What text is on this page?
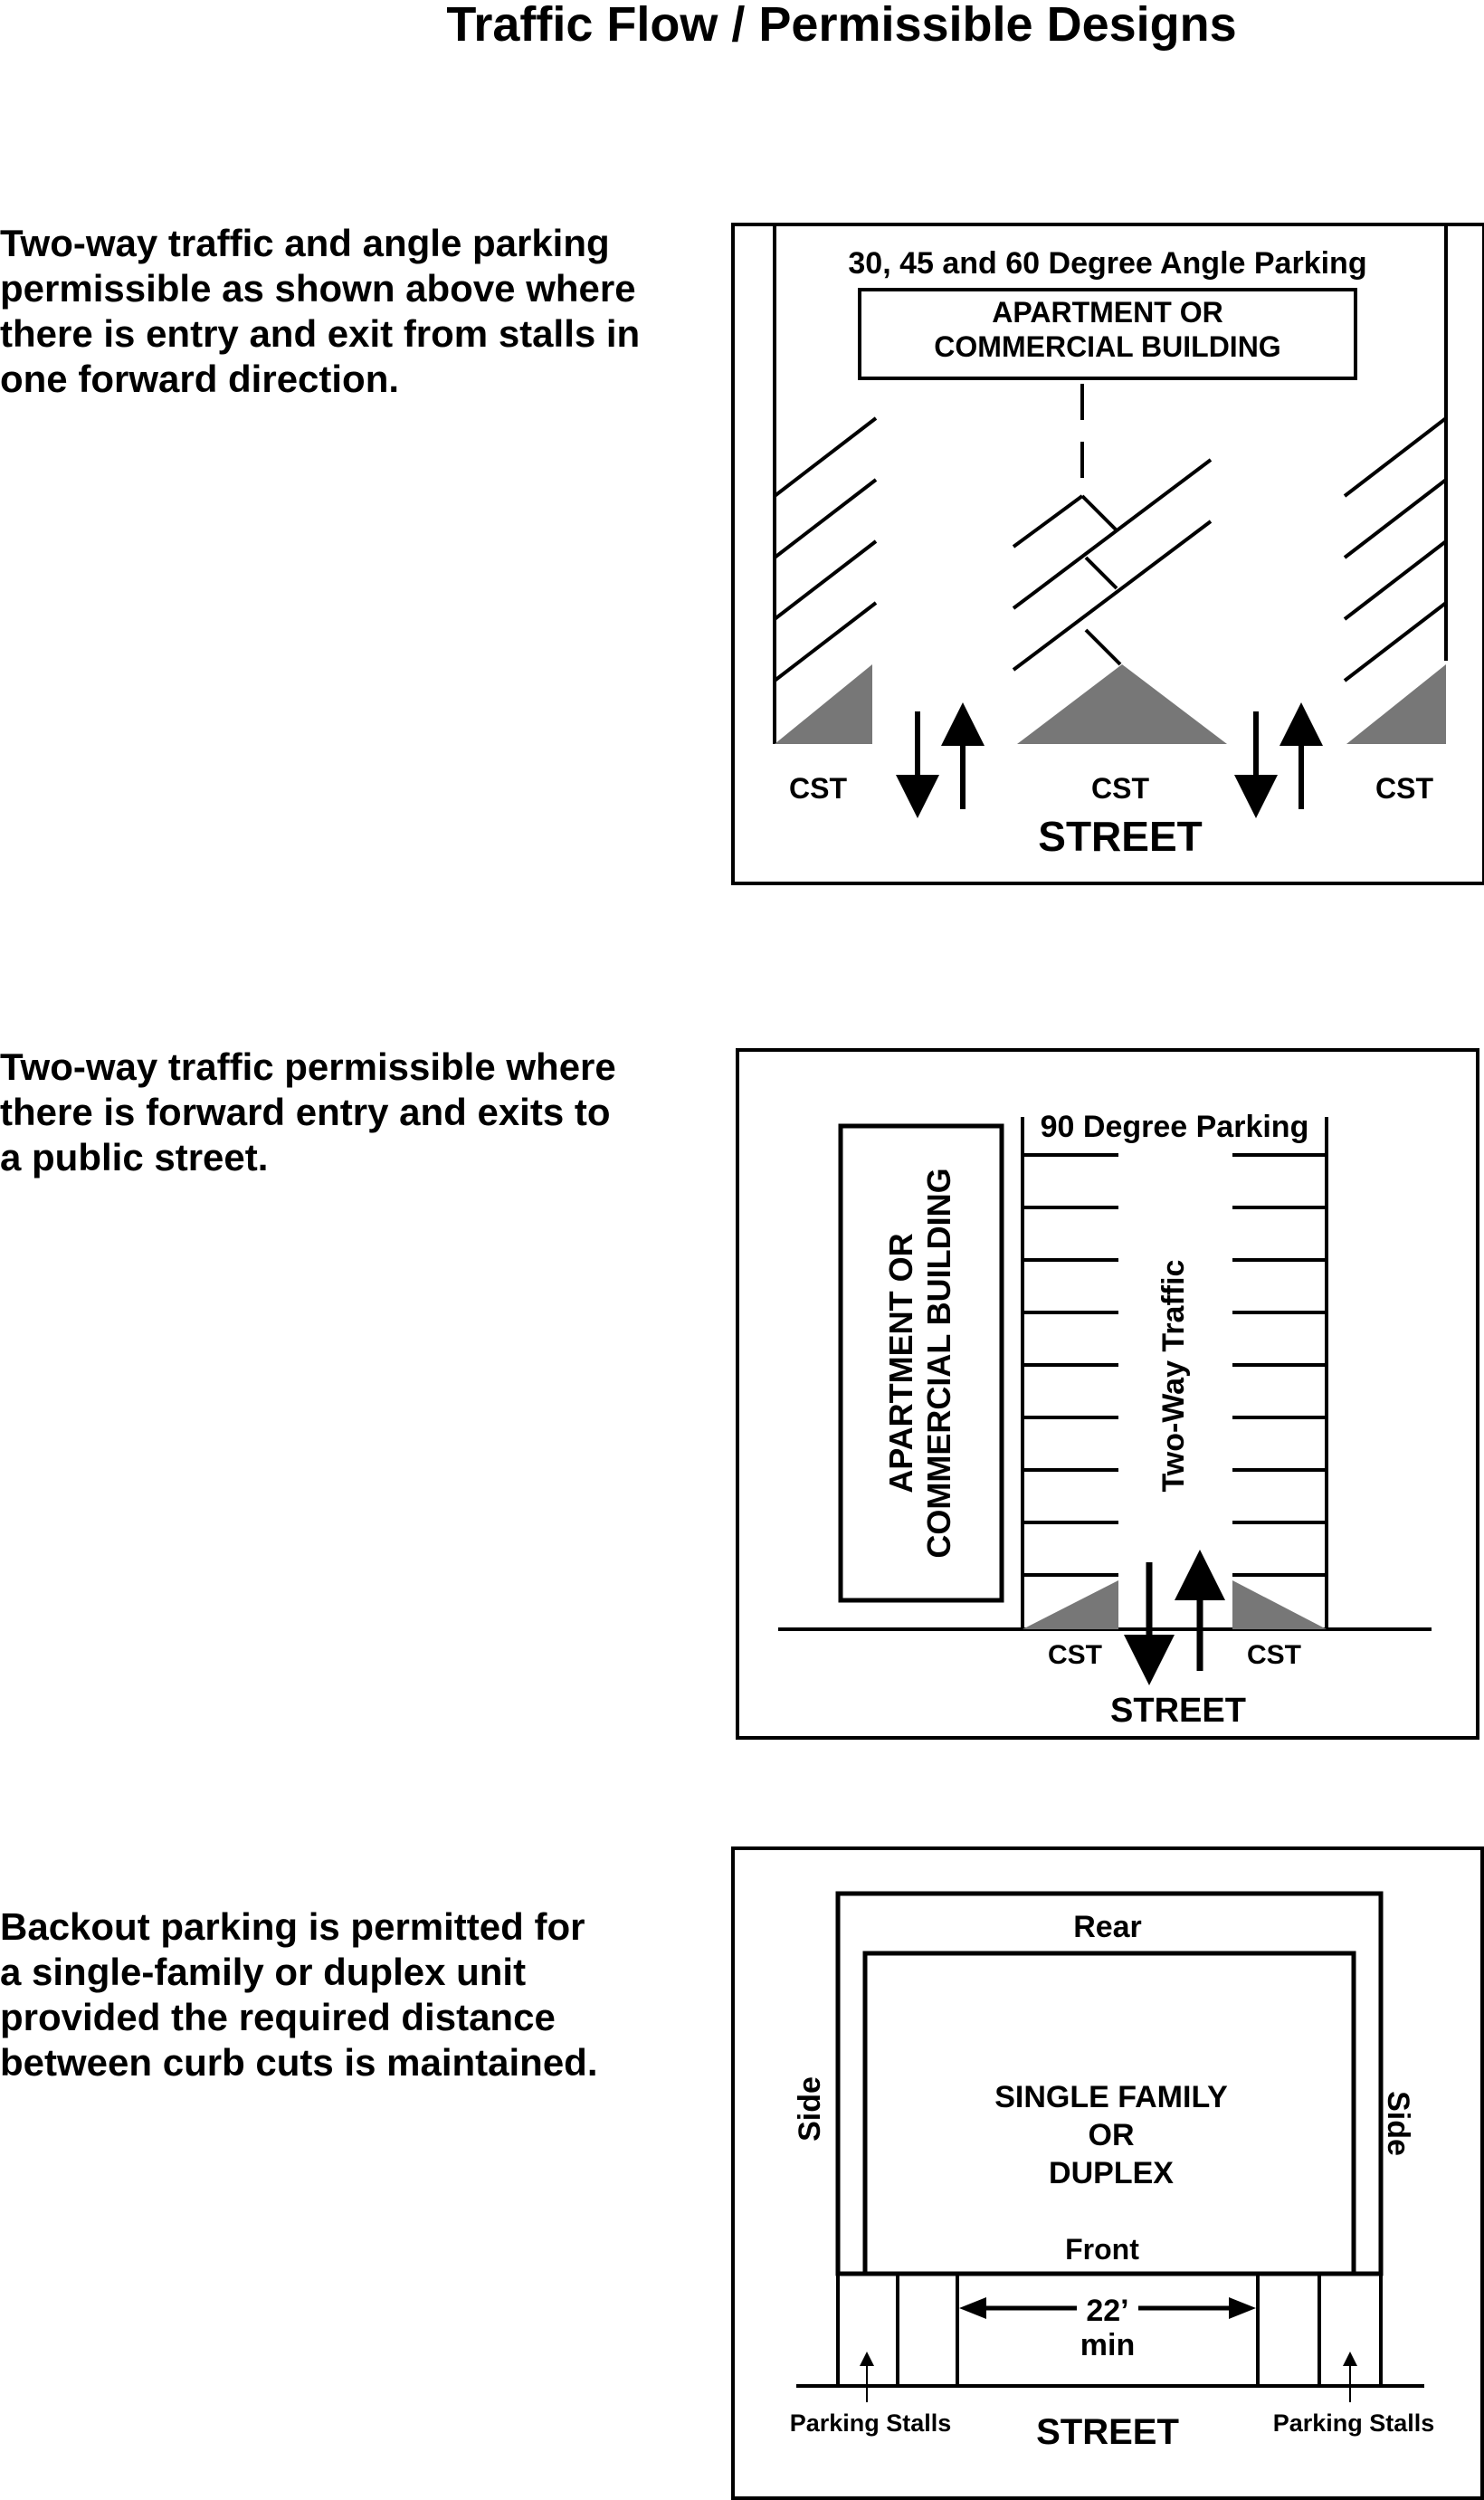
Traffic Flow / Permissible Designs
Two-way traffic and angle parking
permissible as shown above where
there is entry and exit from stalls in
one forward direction.
Two-way traffic permissible where
there is forward entry and exits to
a public street.
Backout parking is permitted for
a single-family or duplex unit
provided the required distance
between curb cuts is maintained.
30, 45 and 60 Degree Angle Parking
APARTMENT OR
COMMERCIAL BUILDING
CST	CST	CST
STREET
APARTMENT OR COMMERCIAL BUILDING
90 Degree Parking
Two-Way Traffic
CST	CST
STREET
Rear
Side	Side
SINGLE FAMILY
OR
DUPLEX
Front
22’
min
Parking Stalls	Parking Stalls
STREET
